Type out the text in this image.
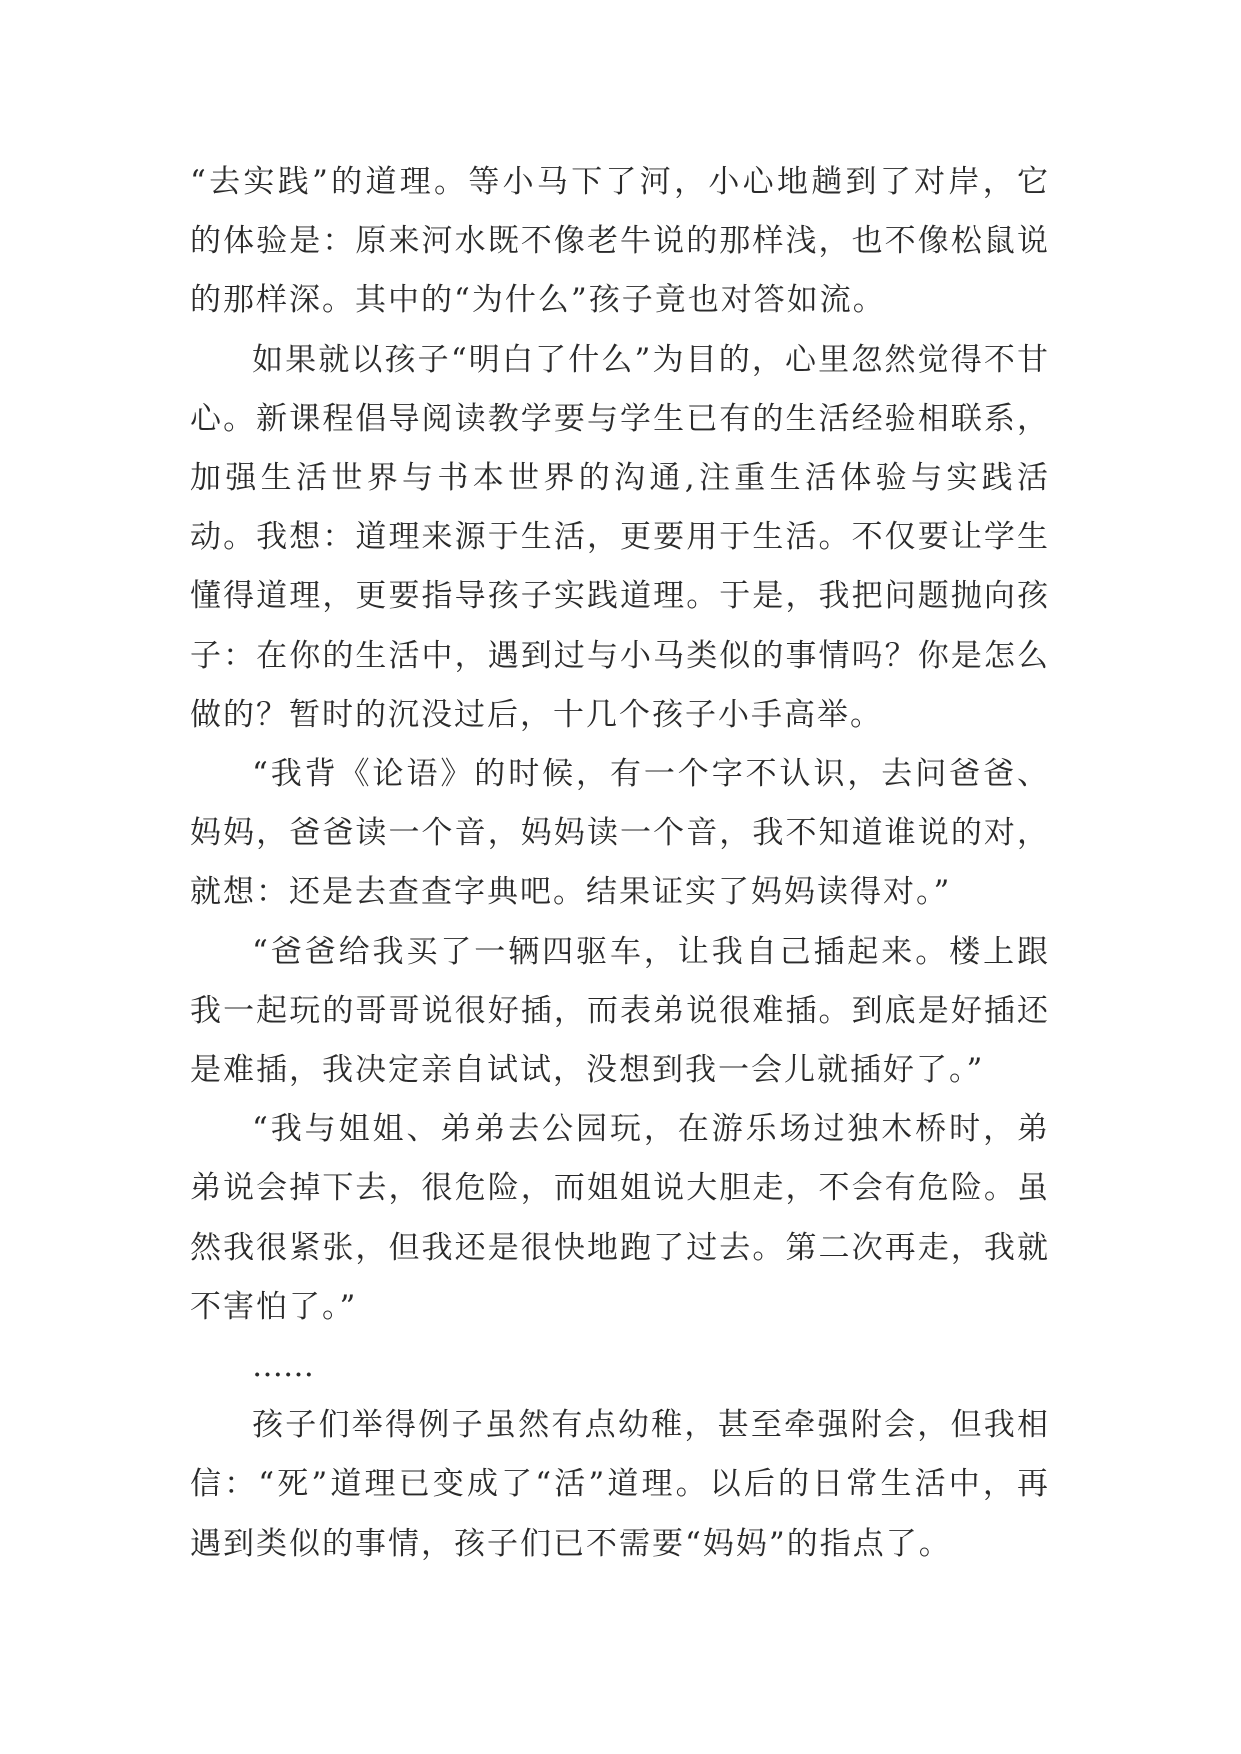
“去实践”的道理。等小马下了河，小心地趟到了对岸，它的体验是：原来河水既不像老牛说的那样浅，也不像松鼠说的那样深。其中的“为什么”孩子竟也对答如流。

如果就以孩子“明白了什么”为目的，心里忽然觉得不甘心。新课程倡导阅读教学要与学生已有的生活经验相联系，加强生活世界与书本世界的沟通,注重生活体验与实践活动。我想：道理来源于生活，更要用于生活。不仅要让学生懂得道理，更要指导孩子实践道理。于是，我把问题抛向孩子：在你的生活中，遇到过与小马类似的事情吗？你是怎么做的？暂时的沉没过后，十几个孩子小手高举。

“我背《论语》的时候，有一个字不认识，去问爸爸、妈妈，爸爸读一个音，妈妈读一个音，我不知道谁说的对，就想：还是去查查字典吧。结果证实了妈妈读得对。”

“爸爸给我买了一辆四驱车，让我自己插起来。楼上跟我一起玩的哥哥说很好插，而表弟说很难插。到底是好插还是难插，我决定亲自试试，没想到我一会儿就插好了。”

“我与姐姐、弟弟去公园玩，在游乐场过独木桥时，弟弟说会掉下去，很危险，而姐姐说大胆走，不会有危险。虽然我很紧张，但我还是很快地跑了过去。第二次再走，我就不害怕了。”

……

孩子们举得例子虽然有点幼稚，甚至牵强附会，但我相信：“死”道理已变成了“活”道理。以后的日常生活中，再遇到类似的事情，孩子们已不需要“妈妈”的指点了。
